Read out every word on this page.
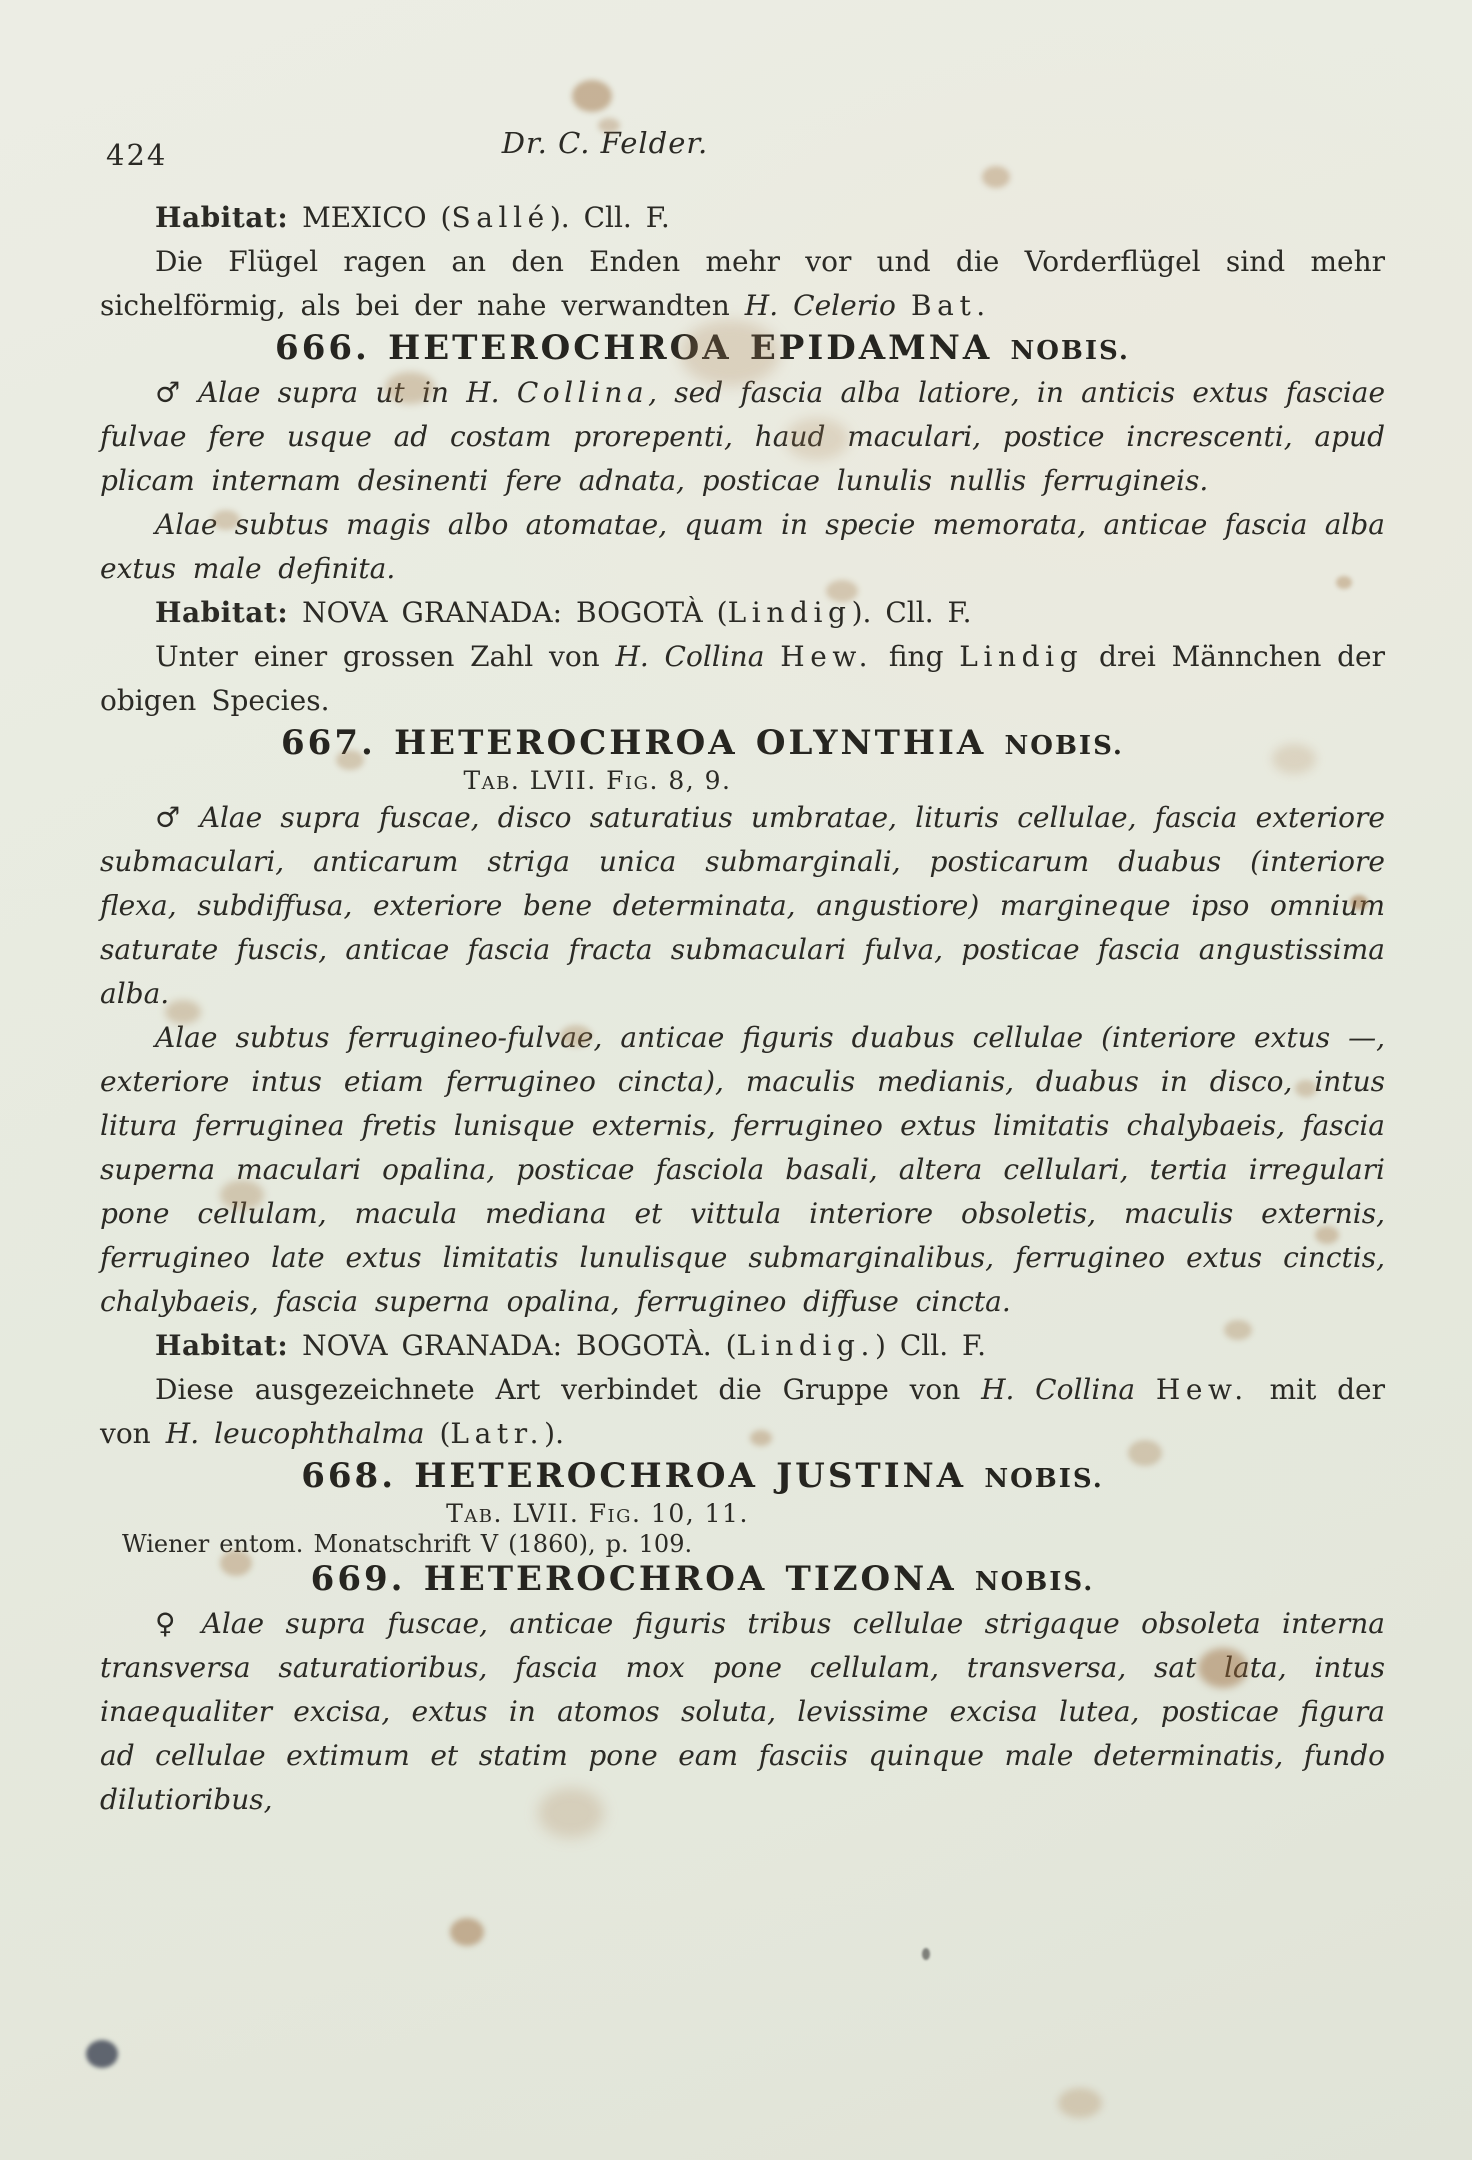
424	Dr. C. Felder.

Habitat: MEXICO (Sallé). Cll. F.

Die Flügel ragen an den Enden mehr vor und die Vorderflügel sind mehr sichelförmig, als bei der nahe verwandten H. Celerio Bat.

666. HETEROCHROA EPIDAMNA NOBIS.

♂ Alae supra ut in H. Collina, sed fascia alba latiore, in anticis extus fasciae fulvae fere usque ad costam prorepenti, haud maculari, postice increscenti, apud plicam internam desinenti fere adnata, posticae lunulis nullis ferrugineis.

Alae subtus magis albo atomatae, quam in specie memorata, anticae fascia alba extus male definita.

Habitat: NOVA GRANADA: BOGOTÀ (Lindig). Cll. F.

Unter einer grossen Zahl von H. Collina Hew. fing Lindig drei Männchen der obigen Species.

667. HETEROCHROA OLYNTHIA NOBIS.

Tab. LVII. Fig. 8, 9.

♂ Alae supra fuscae, disco saturatius umbratae, lituris cellulae, fascia exteriore submaculari, anticarum striga unica submarginali, posticarum duabus (interiore flexa, subdiffusa, exteriore bene determinata, angustiore) margineque ipso omnium saturate fuscis, anticae fascia fracta submaculari fulva, posticae fascia angustissima alba.

Alae subtus ferrugineo-fulvae, anticae figuris duabus cellulae (interiore extus —, exteriore intus etiam ferrugineo cincta), maculis medianis, duabus in disco, intus litura ferruginea fretis lunisque externis, ferrugineo extus limitatis chalybaeis, fascia superna maculari opalina, posticae fasciola basali, altera cellulari, tertia irregulari pone cellulam, macula mediana et vittula interiore obsoletis, maculis externis, ferrugineo late extus limitatis lunulisque submarginalibus, ferrugineo extus cinctis, chalybaeis, fascia superna opalina, ferrugineo diffuse cincta.

Habitat: NOVA GRANADA: BOGOTÀ. (Lindig.) Cll. F.

Diese ausgezeichnete Art verbindet die Gruppe von H. Collina Hew. mit der von H. leucophthalma (Latr.).

668. HETEROCHROA JUSTINA NOBIS.

Tab. LVII. Fig. 10, 11.

Wiener entom. Monatschrift V (1860), p. 109.

669. HETEROCHROA TIZONA NOBIS.

♀ Alae supra fuscae, anticae figuris tribus cellulae strigaque obsoleta interna transversa saturatioribus, fascia mox pone cellulam, transversa, sat lata, intus inaequaliter excisa, extus in atomos soluta, levissime excisa lutea, posticae figura ad cellulae extimum et statim pone eam fasciis quinque male determinatis, fundo dilutioribus,
